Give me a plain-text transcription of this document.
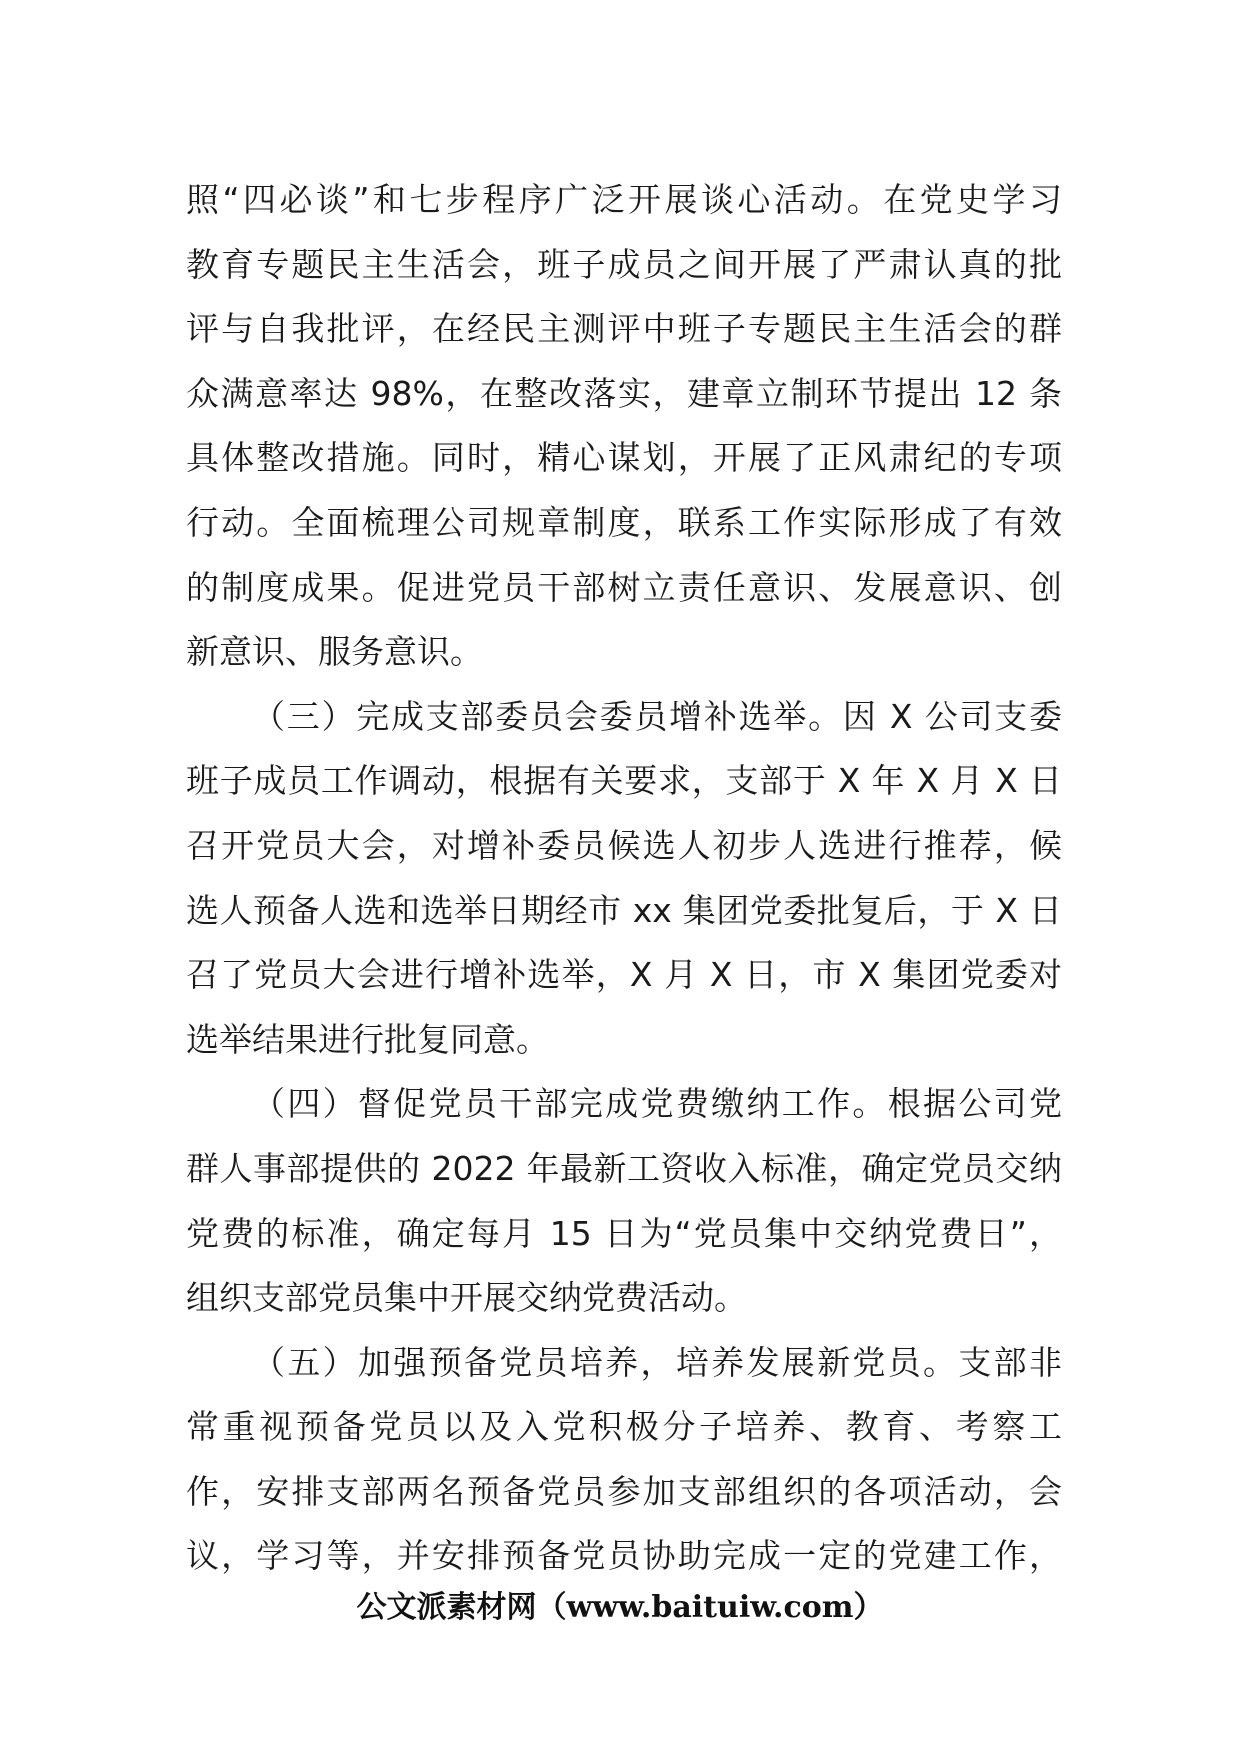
照“四必谈”和七步程序广泛开展谈心活动。在党史学习
教育专题民主生活会，班子成员之间开展了严肃认真的批
评与自我批评，在经民主测评中班子专题民主生活会的群
众满意率达 98%，在整改落实，建章立制环节提出 12 条
具体整改措施。同时，精心谋划，开展了正风肃纪的专项
行动。全面梳理公司规章制度，联系工作实际形成了有效
的制度成果。促进党员干部树立责任意识、发展意识、创
新意识、服务意识。
（三）完成支部委员会委员增补选举。因 X 公司支委
班子成员工作调动，根据有关要求，支部于 X 年 X 月 X 日
召开党员大会，对增补委员候选人初步人选进行推荐，候
选人预备人选和选举日期经市 xx 集团党委批复后，于 X 日
召了党员大会进行增补选举，X 月 X 日，市 X 集团党委对
选举结果进行批复同意。
（四）督促党员干部完成党费缴纳工作。根据公司党
群人事部提供的 2022 年最新工资收入标准，确定党员交纳
党费的标准，确定每月 15 日为“党员集中交纳党费日”，
组织支部党员集中开展交纳党费活动。
（五）加强预备党员培养，培养发展新党员。支部非
常重视预备党员以及入党积极分子培养、教育、考察工
作，安排支部两名预备党员参加支部组织的各项活动，会
议，学习等，并安排预备党员协助完成一定的党建工作，
公文派素材网（www.baituiw.com）
